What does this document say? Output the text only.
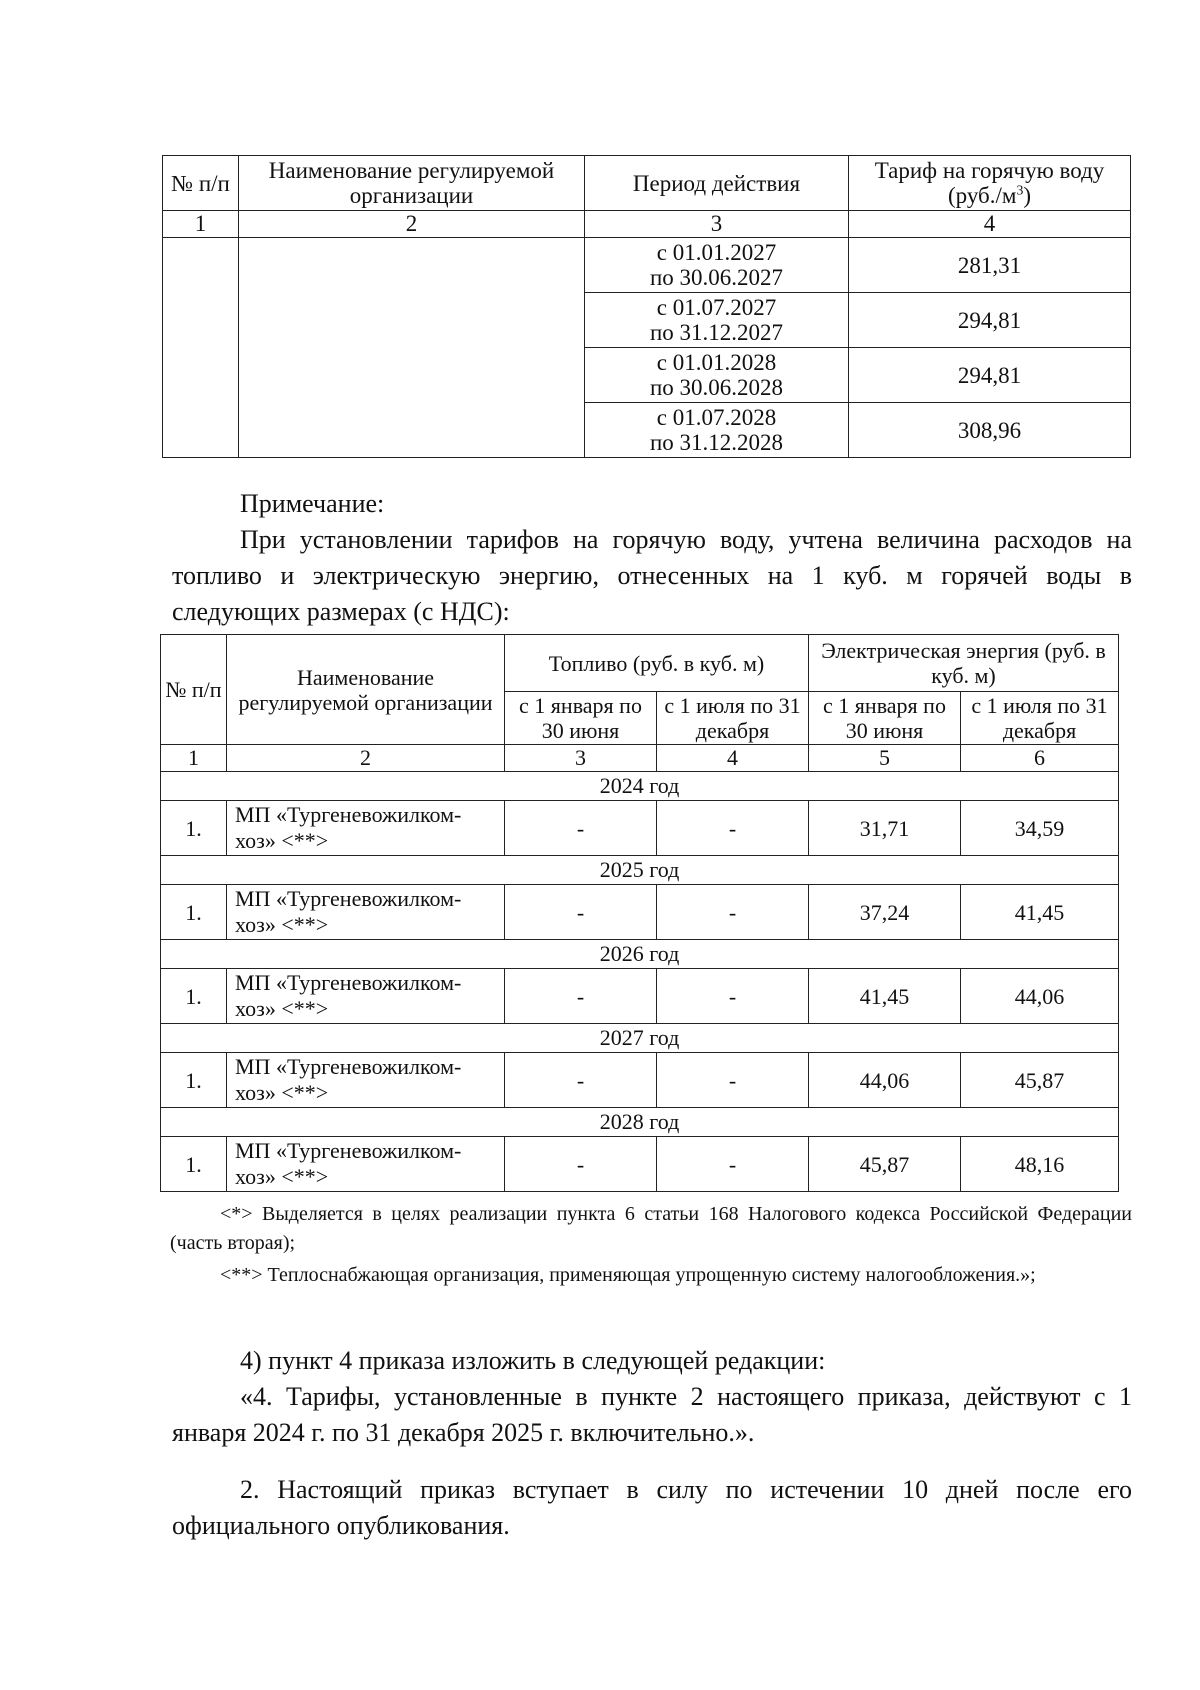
№ п/п	Наименование регулируемой организации	Период действия	Тариф на горячую воду
$(руб./м^3)$
1	2	3	4
		с 01.01.2027
по 30.06.2027	281,31
		с 01.07.2027
по 31.12.2027	294,81
		с 01.01.2028
по 30.06.2028	294,81
		с 01.07.2028
по 31.12.2028	308,96
Примечание:
При установлении тарифов на горячую воду, учтена величина расходов на топливо и электрическую энергию, отнесенных на 1 куб. м горячей воды в следующих размерах (с НДС):
№ п/п	Наименование регулируемой организации	Топливо (руб. в куб. м)		Электрическая энергия (руб. в куб. м)	
		с 1 января по 30 июня	с 1 июля по 31 декабря	с 1 января по 30 июня	с 1 июля по 31 декабря
1	2	3	4	5	6
2024 год					
1.	МП «Тургеневожилком-хоз» <**>	-	-	31,71	34,59
2025 год					
1.	МП «Тургеневожилком-хоз» <**>	-	-	37,24	41,45
2026 год					
1.	МП «Тургеневожилком-хоз» <**>	-	-	41,45	44,06
2027 год					
1.	МП «Тургеневожилком-хоз» <**>	-	-	44,06	45,87
2028 год					
1.	МП «Тургеневожилком-хоз» <**>	-	-	45,87	48,16
<*> Выделяется в целях реализации пункта 6 статьи 168 Налогового кодекса Российской Федерации (часть вторая);
<**> Теплоснабжающая организация, применяющая упрощенную систему налогообложения.»;
4) пункт 4 приказа изложить в следующей редакции:
«4. Тарифы, установленные в пункте 2 настоящего приказа, действуют с 1 января 2024 г. по 31 декабря 2025 г. включительно.».
2. Настоящий приказ вступает в силу по истечении 10 дней после его официального опубликования.
